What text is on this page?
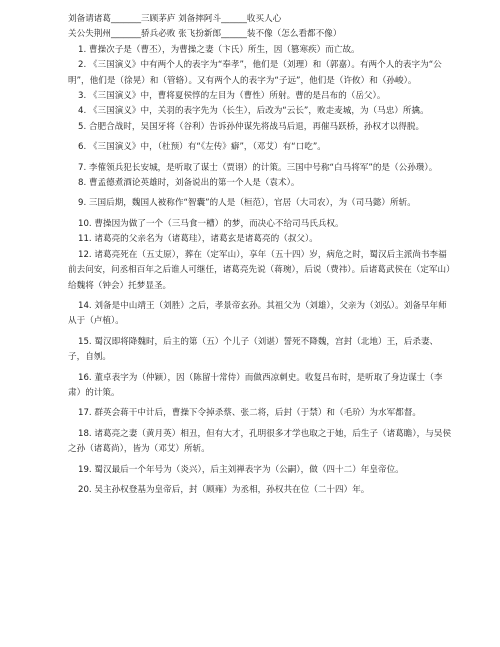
刘备请诸葛_______三顾茅庐 刘备摔阿斗______收买人心
关公失荆州_______骄兵必败 张飞扮新郎______装不像（怎么看都不像）
1. 曹操次子是（曹丕），为曹操之妻（卞氏）所生，因（篡寒疾）而亡故。
2. 《三国演义》中有两个人的表字为“奉孝”，他们是（刘理）和（郭嘉）。有两个人的表字为“公明”，他们是（徐晃）和（管辂）。又有两个人的表字为“子远”，他们是（许攸）和（孙峻）。
3. 《三国演义》中，曹将夏侯惇的左目为（曹性）所射。曹的是吕布的（岳父）。
4. 《三国演义》中，关羽的表字先为（长生），后改为“云长”，败走麦城，为（马忠）所擒。
5. 合肥合战时，吴国牙将（谷利）告诉孙仲谋先将战马后退，再催马跃桥，孙权才以得脱。
6. 《三国演义》中，（杜预）有“《左传》癖”，（邓艾）有“口吃”。
7. 李傕领兵犯长安城，是听取了谋士（贾诩）的计策。三国中号称“白马将军”的是（公孙瓒）。
8. 曹孟德煮酒论英雄时，刘备说出的第一个人是（袁术）。
9. 三国后期，魏国人被称作“智囊”的人是（桓范），官居（大司农），为（司马懿）所斩。
10. 曹操因为做了一个（三马食一槽）的梦，而决心不给司马氏兵权。
11. 诸葛亮的父亲名为（诸葛珪），诸葛玄是诸葛亮的（叔父）。
12. 诸葛亮死在（五丈原），葬在（定军山），享年（五十四）岁，病危之时，蜀汉后主派尚书李福前去问安，问丞相百年之后谁人可继任，诸葛亮先说（蒋琬），后说（费祎）。后诸葛武侯在（定军山）给魏将（钟会）托梦显圣。
14. 刘备是中山靖王（刘胜）之后，孝景帝玄孙。其祖父为（刘雄），父亲为（刘弘）。刘备早年师从于（卢植）。
15. 蜀汉即将降魏时，后主的第（五）个儿子（刘谌）誓死不降魏，宫封（北地）王，后杀妻、子，自刎。
16. 董卓表字为（仲颖），因（陈留十常侍）而做西凉刺史。收复吕布时，是听取了身边谋士（李肃）的计策。
17. 群英会蒋干中计后，曹操下令掉杀蔡、张二将，后封（于禁）和（毛玠）为水军都督。
18. 诸葛亮之妻（黄月英）相丑，但有大才，孔明很多才学也取之于她，后生子（诸葛瞻），与吴侯之孙（诸葛尚），皆为（邓艾）所斩。
19. 蜀汉最后一个年号为（炎兴），后主刘禅表字为（公嗣），做（四十二）年皇帝位。
20. 吴主孙权登基为皇帝后，封（顾雍）为丞相，孙权共在位（二十四）年。
